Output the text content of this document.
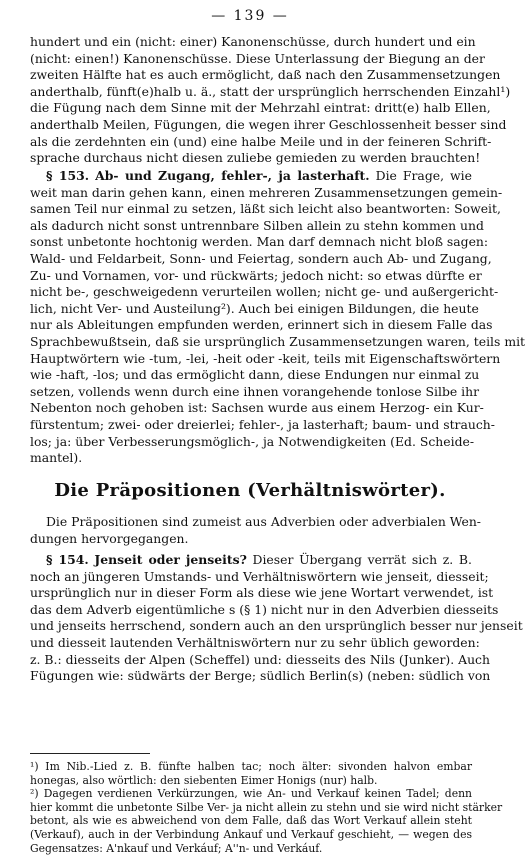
— 139 —
hundert und ein (nicht: einer) Kanonenschüsse, durch hundert und ein
(nicht: einen!) Kanonenschüsse. Diese Unterlassung der Biegung an der
zweiten Hälfte hat es auch ermöglicht, daß nach den Zusammensetzungen
anderthalb, fünft(e)halb u. ä., statt der ursprünglich herrschenden Einzahl¹)
die Fügung nach dem Sinne mit der Mehrzahl eintrat: dritt(e) halb Ellen,
anderthalb Meilen, Fügungen, die wegen ihrer Geschlossenheit besser sind
als die zerdehnten ein (und) eine halbe Meile und in der feineren Schrift-
sprache durchaus nicht diesen zuliebe gemieden zu werden brauchten!
§ 153. Ab- und Zugang, fehler-, ja lasterhaft. Die Frage, wie
weit man darin gehen kann, einen mehreren Zusammensetzungen gemein-
samen Teil nur einmal zu setzen, läßt sich leicht also beantworten: Soweit,
als dadurch nicht sonst untrennbare Silben allein zu stehn kommen und
sonst unbetonte hochtonig werden. Man darf demnach nicht bloß sagen:
Wald- und Feldarbeit, Sonn- und Feiertag, sondern auch Ab- und Zugang,
Zu- und Vornamen, vor- und rückwärts; jedoch nicht: so etwas dürfte er
nicht be-, geschweigedenn verurteilen wollen; nicht ge- und außergericht-
lich, nicht Ver- und Austeilung²). Auch bei einigen Bildungen, die heute
nur als Ableitungen empfunden werden, erinnert sich in diesem Falle das
Sprachbewußtsein, daß sie ursprünglich Zusammensetzungen waren, teils mit
Hauptwörtern wie -tum, -lei, -heit oder -keit, teils mit Eigenschaftswörtern
wie -haft, -los; und das ermöglicht dann, diese Endungen nur einmal zu
setzen, vollends wenn durch eine ihnen vorangehende tonlose Silbe ihr
Nebenton noch gehoben ist: Sachsen wurde aus einem Herzog- ein Kur-
fürstentum; zwei- oder dreierlei; fehler-, ja lasterhaft; baum- und strauch-
los; ja: über Verbesserungsmöglich-, ja Notwendigkeiten (Ed. Scheide-
mantel).
Die Präpositionen (Verhältniswörter).
Die Präpositionen sind zumeist aus Adverbien oder adverbialen Wen-
dungen hervorgegangen.
§ 154. Jenseit oder jenseits? Dieser Übergang verrät sich z. B.
noch an jüngeren Umstands- und Verhältniswörtern wie jenseit, diesseit;
ursprünglich nur in dieser Form als diese wie jene Wortart verwendet, ist
das dem Adverb eigentümliche s (§ 1) nicht nur in den Adverbien diesseits
und jenseits herrschend, sondern auch an den ursprünglich besser nur jenseit
und diesseit lautenden Verhältniswörtern nur zu sehr üblich geworden:
z. B.: diesseits der Alpen (Scheffel) und: diesseits des Nils (Junker). Auch
Fügungen wie: südwärts der Berge; südlich Berlin(s) (neben: südlich von
¹) Im Nib.-Lied z. B. fünfte halben tac; noch älter: sivonden halvon embar
honegas, also wörtlich: den siebenten Eimer Honigs (nur) halb.
²) Dagegen verdienen Verkürzungen, wie An- und Verkauf keinen Tadel; denn
hier kommt die unbetonte Silbe Ver- ja nicht allein zu stehn und sie wird nicht stärker
betont, als wie es abweichend von dem Falle, daß das Wort Verkauf allein steht
(Verkauf), auch in der Verbindung Ankauf und Verkauf geschieht, — wegen des
Gegensatzes: A'nkauf und Verkáuf; A''n- und Verkáuf.
